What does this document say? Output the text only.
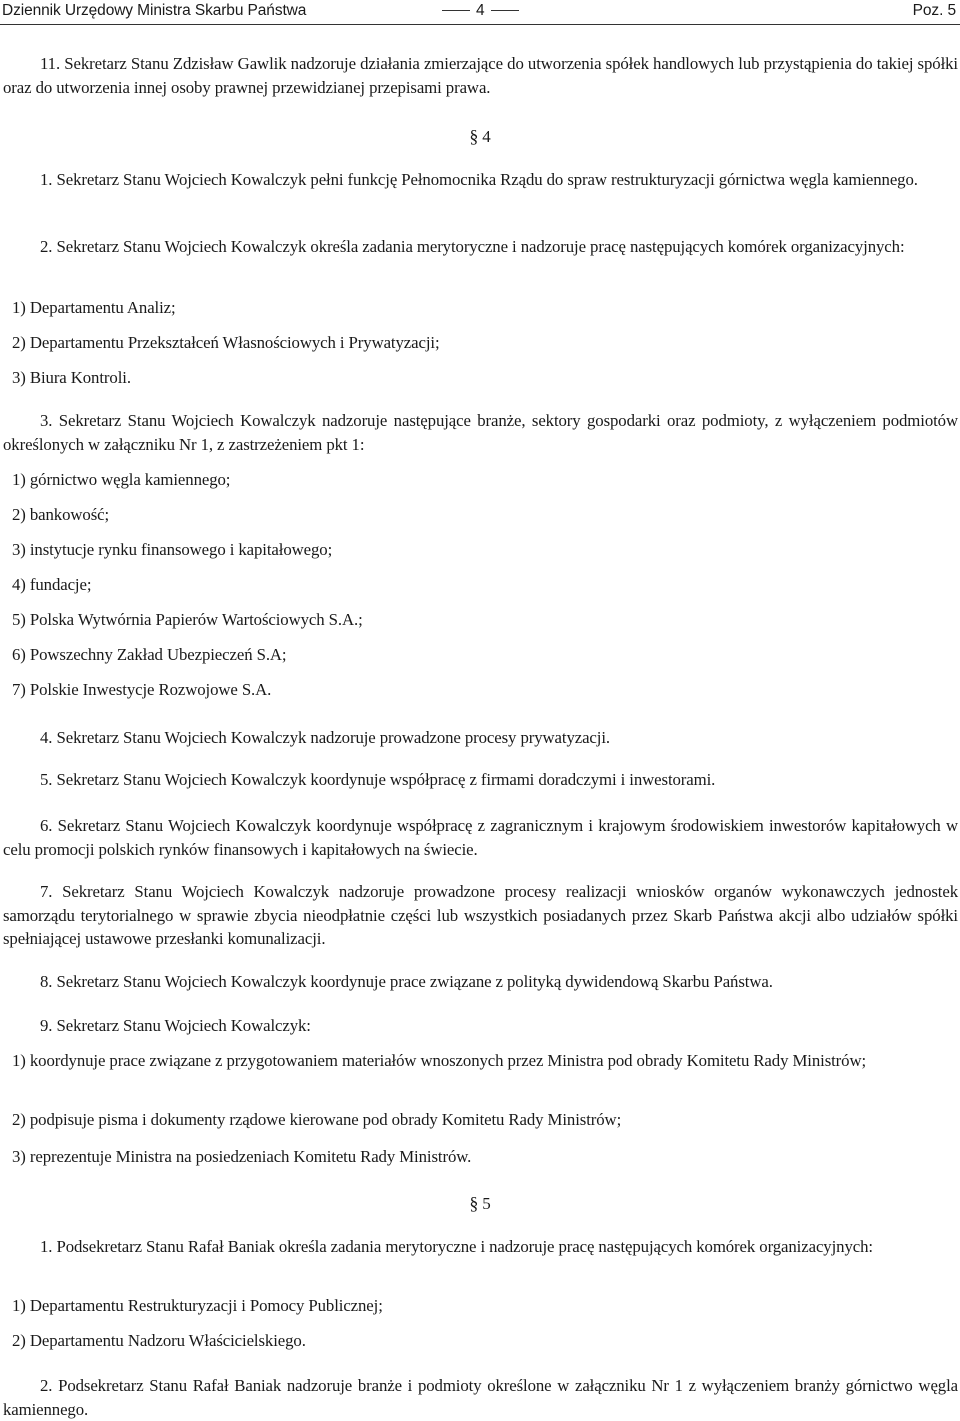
Dziennik Urzędowy Ministra Skarbu Państwa	4	Poz. 5
11. Sekretarz Stanu Zdzisław Gawlik nadzoruje działania zmierzające do utworzenia spółek handlowych lub przystąpienia do takiej spółki oraz do utworzenia innej osoby prawnej przewidzianej przepisami prawa.
§ 4
1. Sekretarz Stanu Wojciech Kowalczyk pełni funkcję Pełnomocnika Rządu do spraw restrukturyzacji górnictwa węgla kamiennego.
2. Sekretarz Stanu Wojciech Kowalczyk określa zadania merytoryczne i nadzoruje pracę następujących komórek organizacyjnych:
1) Departamentu Analiz;
2) Departamentu Przekształceń Własnościowych i Prywatyzacji;
3) Biura Kontroli.
3. Sekretarz Stanu Wojciech Kowalczyk nadzoruje następujące branże, sektory gospodarki oraz podmioty, z wyłączeniem podmiotów określonych w załączniku Nr 1, z zastrzeżeniem pkt 1:
1) górnictwo węgla kamiennego;
2) bankowość;
3) instytucje rynku finansowego i kapitałowego;
4) fundacje;
5) Polska Wytwórnia Papierów Wartościowych S.A.;
6) Powszechny Zakład Ubezpieczeń S.A;
7) Polskie Inwestycje Rozwojowe S.A.
4. Sekretarz Stanu Wojciech Kowalczyk nadzoruje prowadzone procesy prywatyzacji.
5. Sekretarz Stanu Wojciech Kowalczyk koordynuje współpracę z firmami doradczymi i inwestorami.
6. Sekretarz Stanu Wojciech Kowalczyk koordynuje współpracę z zagranicznym i krajowym środowiskiem inwestorów kapitałowych w celu promocji polskich rynków finansowych i kapitałowych na świecie.
7. Sekretarz Stanu Wojciech Kowalczyk nadzoruje prowadzone procesy realizacji wniosków organów wykonawczych jednostek samorządu terytorialnego w sprawie zbycia nieodpłatnie części lub wszystkich posiadanych przez Skarb Państwa akcji albo udziałów spółki spełniającej ustawowe przesłanki komunalizacji.
8. Sekretarz Stanu Wojciech Kowalczyk koordynuje prace związane z polityką dywidendową Skarbu Państwa.
9. Sekretarz Stanu Wojciech Kowalczyk:
1) koordynuje prace związane z przygotowaniem materiałów wnoszonych przez Ministra pod obrady Komitetu Rady Ministrów;
2) podpisuje pisma i dokumenty rządowe kierowane pod obrady Komitetu Rady Ministrów;
3) reprezentuje Ministra na posiedzeniach Komitetu Rady Ministrów.
§ 5
1. Podsekretarz Stanu Rafał Baniak określa zadania merytoryczne i nadzoruje pracę następujących komórek organizacyjnych:
1) Departamentu Restrukturyzacji i Pomocy Publicznej;
2) Departamentu Nadzoru Właścicielskiego.
2. Podsekretarz Stanu Rafał Baniak nadzoruje branże i podmioty określone w załączniku Nr 1 z wyłączeniem branży górnictwo węgla kamiennego.
